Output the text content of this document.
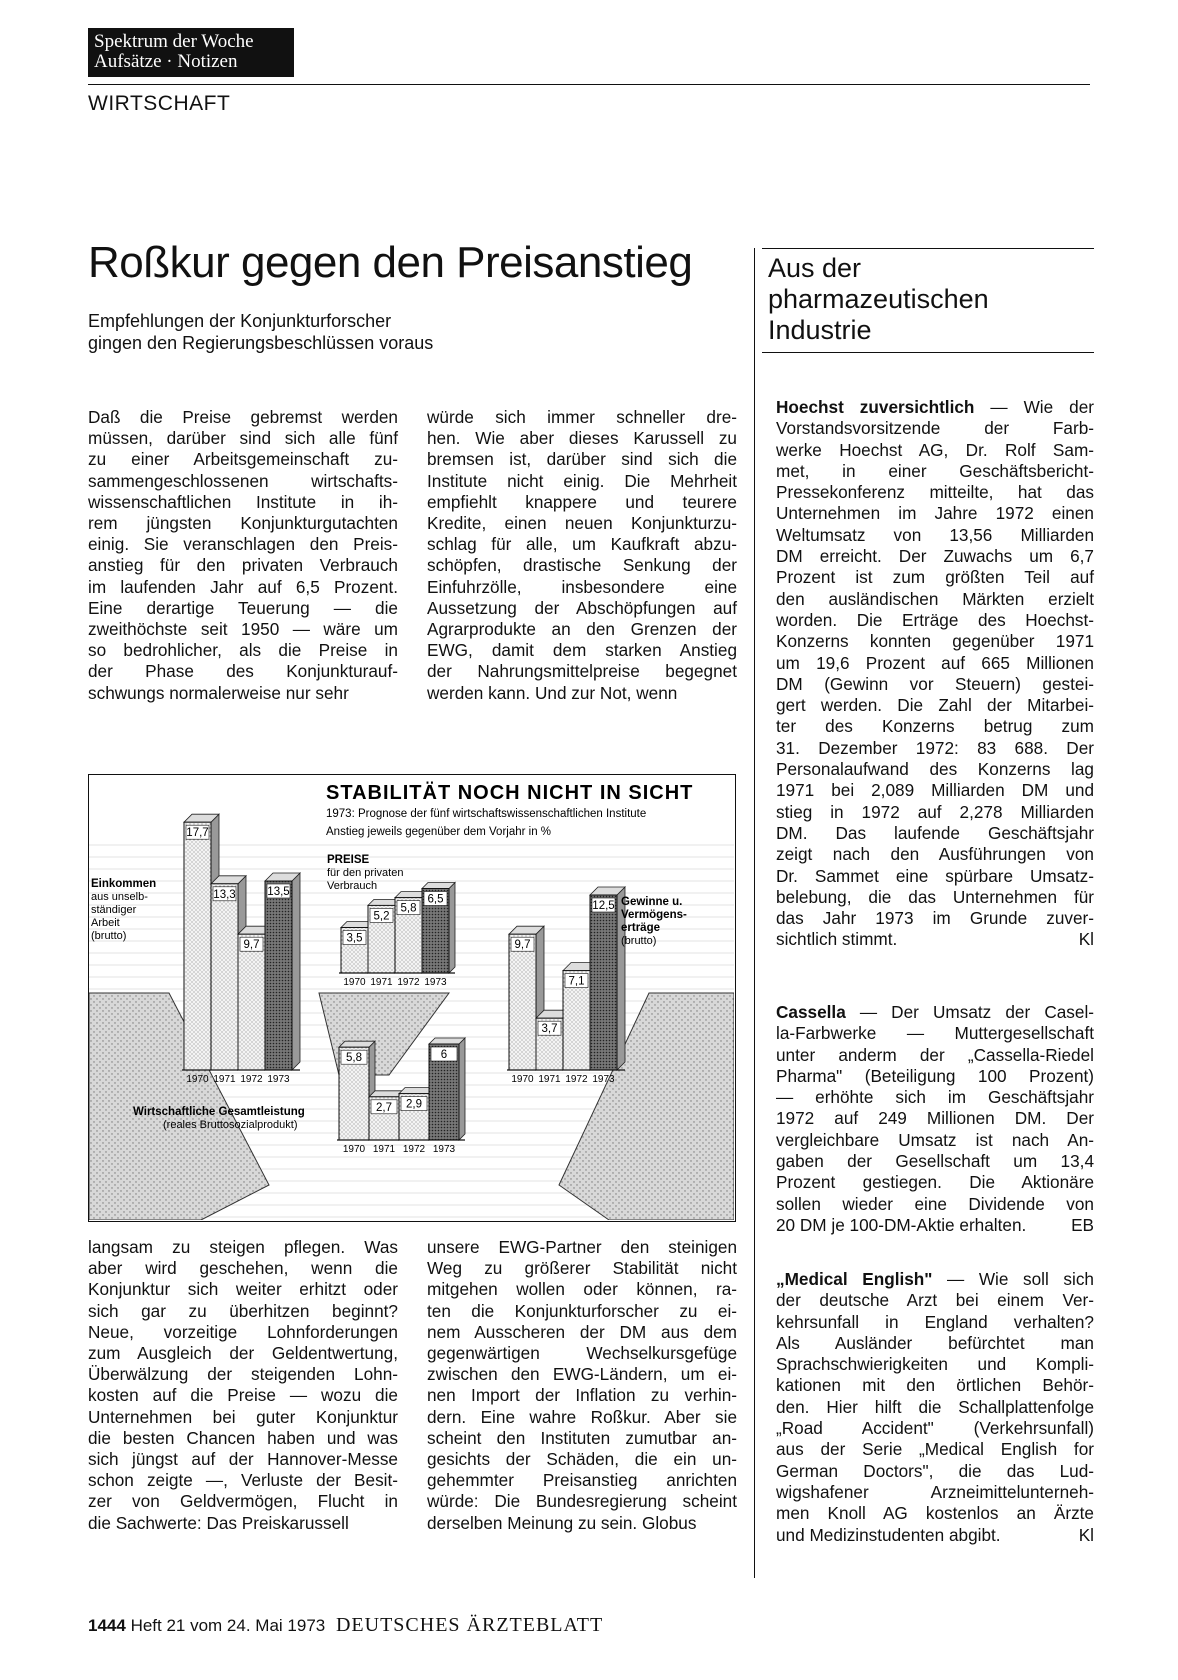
Spektrum der Woche
Aufsätze · Notizen
WIRTSCHAFT
Roßkur gegen den Preisanstieg
Empfehlungen der Konjunkturforscher
gingen den Regierungsbeschlüssen voraus
Aus der
pharmazeutischen
Industrie
Daß die Preise gebremst werden
müssen, darüber sind sich alle fünf
zu einer Arbeitsgemeinschaft zu-
sammengeschlossenen wirtschafts-
wissenschaftlichen Institute in ih-
rem jüngsten Konjunkturgutachten
einig. Sie veranschlagen den Preis-
anstieg für den privaten Verbrauch
im laufenden Jahr auf 6,5 Prozent.
Eine derartige Teuerung — die
zweithöchste seit 1950 — wäre um
so bedrohlicher, als die Preise in
der Phase des Konjunkturauf-
schwungs normalerweise nur sehr
würde sich immer schneller dre-
hen. Wie aber dieses Karussell zu
bremsen ist, darüber sind sich die
Institute nicht einig. Die Mehrheit
empfiehlt knappere und teurere
Kredite, einen neuen Konjunkturzu-
schlag für alle, um Kaufkraft abzu-
schöpfen, drastische Senkung der
Einfuhrzölle, insbesondere eine
Aussetzung der Abschöpfungen auf
Agrarprodukte an den Grenzen der
EWG, damit dem starken Anstieg
der Nahrungsmittelpreise begegnet
werden kann. Und zur Not, wenn
langsam zu steigen pflegen. Was
aber wird geschehen, wenn die
Konjunktur sich weiter erhitzt oder
sich gar zu überhitzen beginnt?
Neue, vorzeitige Lohnforderungen
zum Ausgleich der Geldentwertung,
Überwälzung der steigenden Lohn-
kosten auf die Preise — wozu die
Unternehmen bei guter Konjunktur
die besten Chancen haben und was
sich jüngst auf der Hannover-Messe
schon zeigte —, Verluste der Besit-
zer von Geldvermögen, Flucht in
die Sachwerte: Das Preiskarussell
unsere EWG-Partner den steinigen
Weg zu größerer Stabilität nicht
mitgehen wollen oder können, ra-
ten die Konjunkturforscher zu ei-
nem Ausscheren der DM aus dem
gegenwärtigen Wechselkursgefüge
zwischen den EWG-Ländern, um ei-
nen Import der Inflation zu verhin-
dern. Eine wahre Roßkur. Aber sie
scheint den Instituten zumutbar an-
gesichts der Schäden, die ein un-
gehemmter Preisanstieg anrichten
würde: Die Bundesregierung scheint
derselben Meinung zu sein. Globus
Hoechst zuversichtlich — Wie der
Vorstandsvorsitzende der Farb-
werke Hoechst AG, Dr. Rolf Sam-
met, in einer Geschäftsbericht-
Pressekonferenz mitteilte, hat das
Unternehmen im Jahre 1972 einen
Weltumsatz von 13,56 Milliarden
DM erreicht. Der Zuwachs um 6,7
Prozent ist zum größten Teil auf
den ausländischen Märkten erzielt
worden. Die Erträge des Hoechst-
Konzerns konnten gegenüber 1971
um 19,6 Prozent auf 665 Millionen
DM (Gewinn vor Steuern) gestei-
gert werden. Die Zahl der Mitarbei-
ter des Konzerns betrug zum
31. Dezember 1972: 83 688. Der
Personalaufwand des Konzerns lag
1971 bei 2,089 Milliarden DM und
stieg in 1972 auf 2,278 Milliarden
DM. Das laufende Geschäftsjahr
zeigt nach den Ausführungen von
Dr. Sammet eine spürbare Umsatz-
belebung, die das Unternehmen für
das Jahr 1973 im Grunde zuver-
sichtlich stimmt.	Kl
Cassella — Der Umsatz der Casel-
la-Farbwerke — Muttergesellschaft
unter anderm der „Cassella-Riedel
Pharma" (Beteiligung 100 Prozent)
— erhöhte sich im Geschäftsjahr
1972 auf 249 Millionen DM. Der
vergleichbare Umsatz ist nach An-
gaben der Gesellschaft um 13,4
Prozent gestiegen. Die Aktionäre
sollen wieder eine Dividende von
20 DM je 100-DM-Aktie erhalten.	EB
„Medical English" — Wie soll sich
der deutsche Arzt bei einem Ver-
kehrsunfall in England verhalten?
Als Ausländer befürchtet man
Sprachschwierigkeiten und Kompli-
kationen mit den örtlichen Behör-
den. Hier hilft die Schallplattenfolge
„Road Accident" (Verkehrsunfall)
aus der Serie „Medical English for
German Doctors", die das Lud-
wigshafener Arzneimittelunterneh-
men Knoll AG kostenlos an Ärzte
und Medizinstudenten abgibt.	Kl
STABILITÄT NOCH NICHT IN SICHT
1973: Prognose der fünf wirtschaftswissenschaftlichen Institute
Anstieg jeweils gegenüber dem Vorjahr in %
17,7
13,3
9,7
13,5
1970 1971 1972 1973
Einkommen
aus unselb-
ständiger
Arbeit
(brutto)	3,5
5,2
5,8
6,5
1970 1971 1972 1973
PREISE
für den privaten
Verbrauch
9,7
3,7
7,1
12,5
1970 1971 1972 1973
Gewinne u.
Vermögens-
erträge
(brutto)
5,8
2,7 2,9
6
1970 1971 1972 1973
Wirtschaftliche Gesamtleistung
(reales Bruttosozialprodukt)
1444 Heft 21 vom 24. Mai 1973 DEUTSCHES ÄRZTEBLATT
